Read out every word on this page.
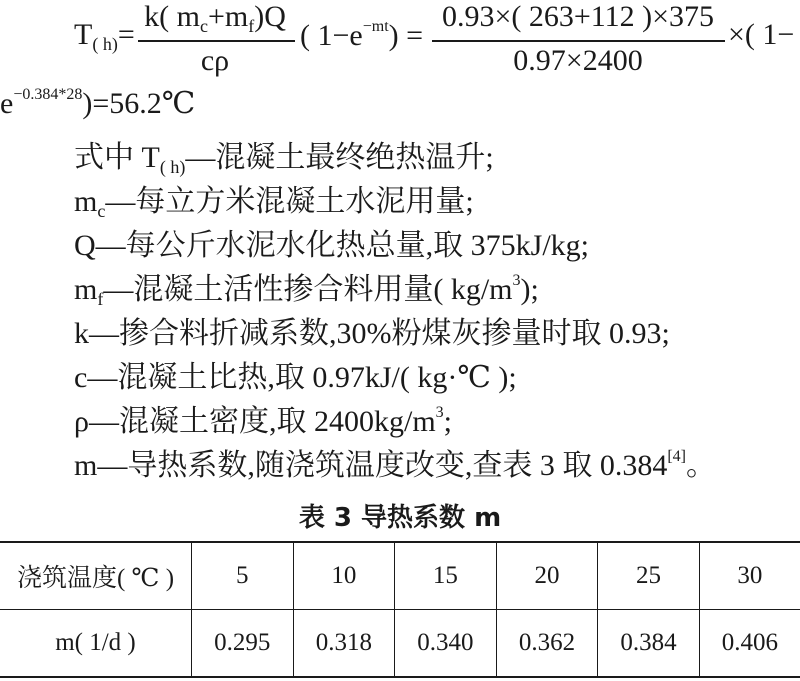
$T_{( h)}=$
k( $m_c+m_f)Q$
cρ
( $1-e^{-mt}$) =
0.93×( 263+112 )×375
0.97×2400
×( 1−
$e^{-0.384*28})=56.2℃$
式中 $T_{( h)}—$混凝土最终绝热温升;
$m_c—$每立方米混凝土水泥用量;
Q—每公斤水泥水化热总量,取 375kJ/kg;
$m_f—$混凝土活性掺合料用量( $kg/m^3$);
k—掺合料折减系数,30%粉煤灰掺量时取 0.93;
c—混凝土比热,取 0.97kJ/( kg·℃ );
ρ—混凝土密度,取 $2400kg/m^3$;
m—导热系数,随浇筑温度改变,查表 3 取 0.384[4]。
表 3 导热系数 m
浇筑温度( ℃ )	5	10	15	20	25	30
m( 1/d )	0.295	0.318	0.340	0.362	0.384	0.406
